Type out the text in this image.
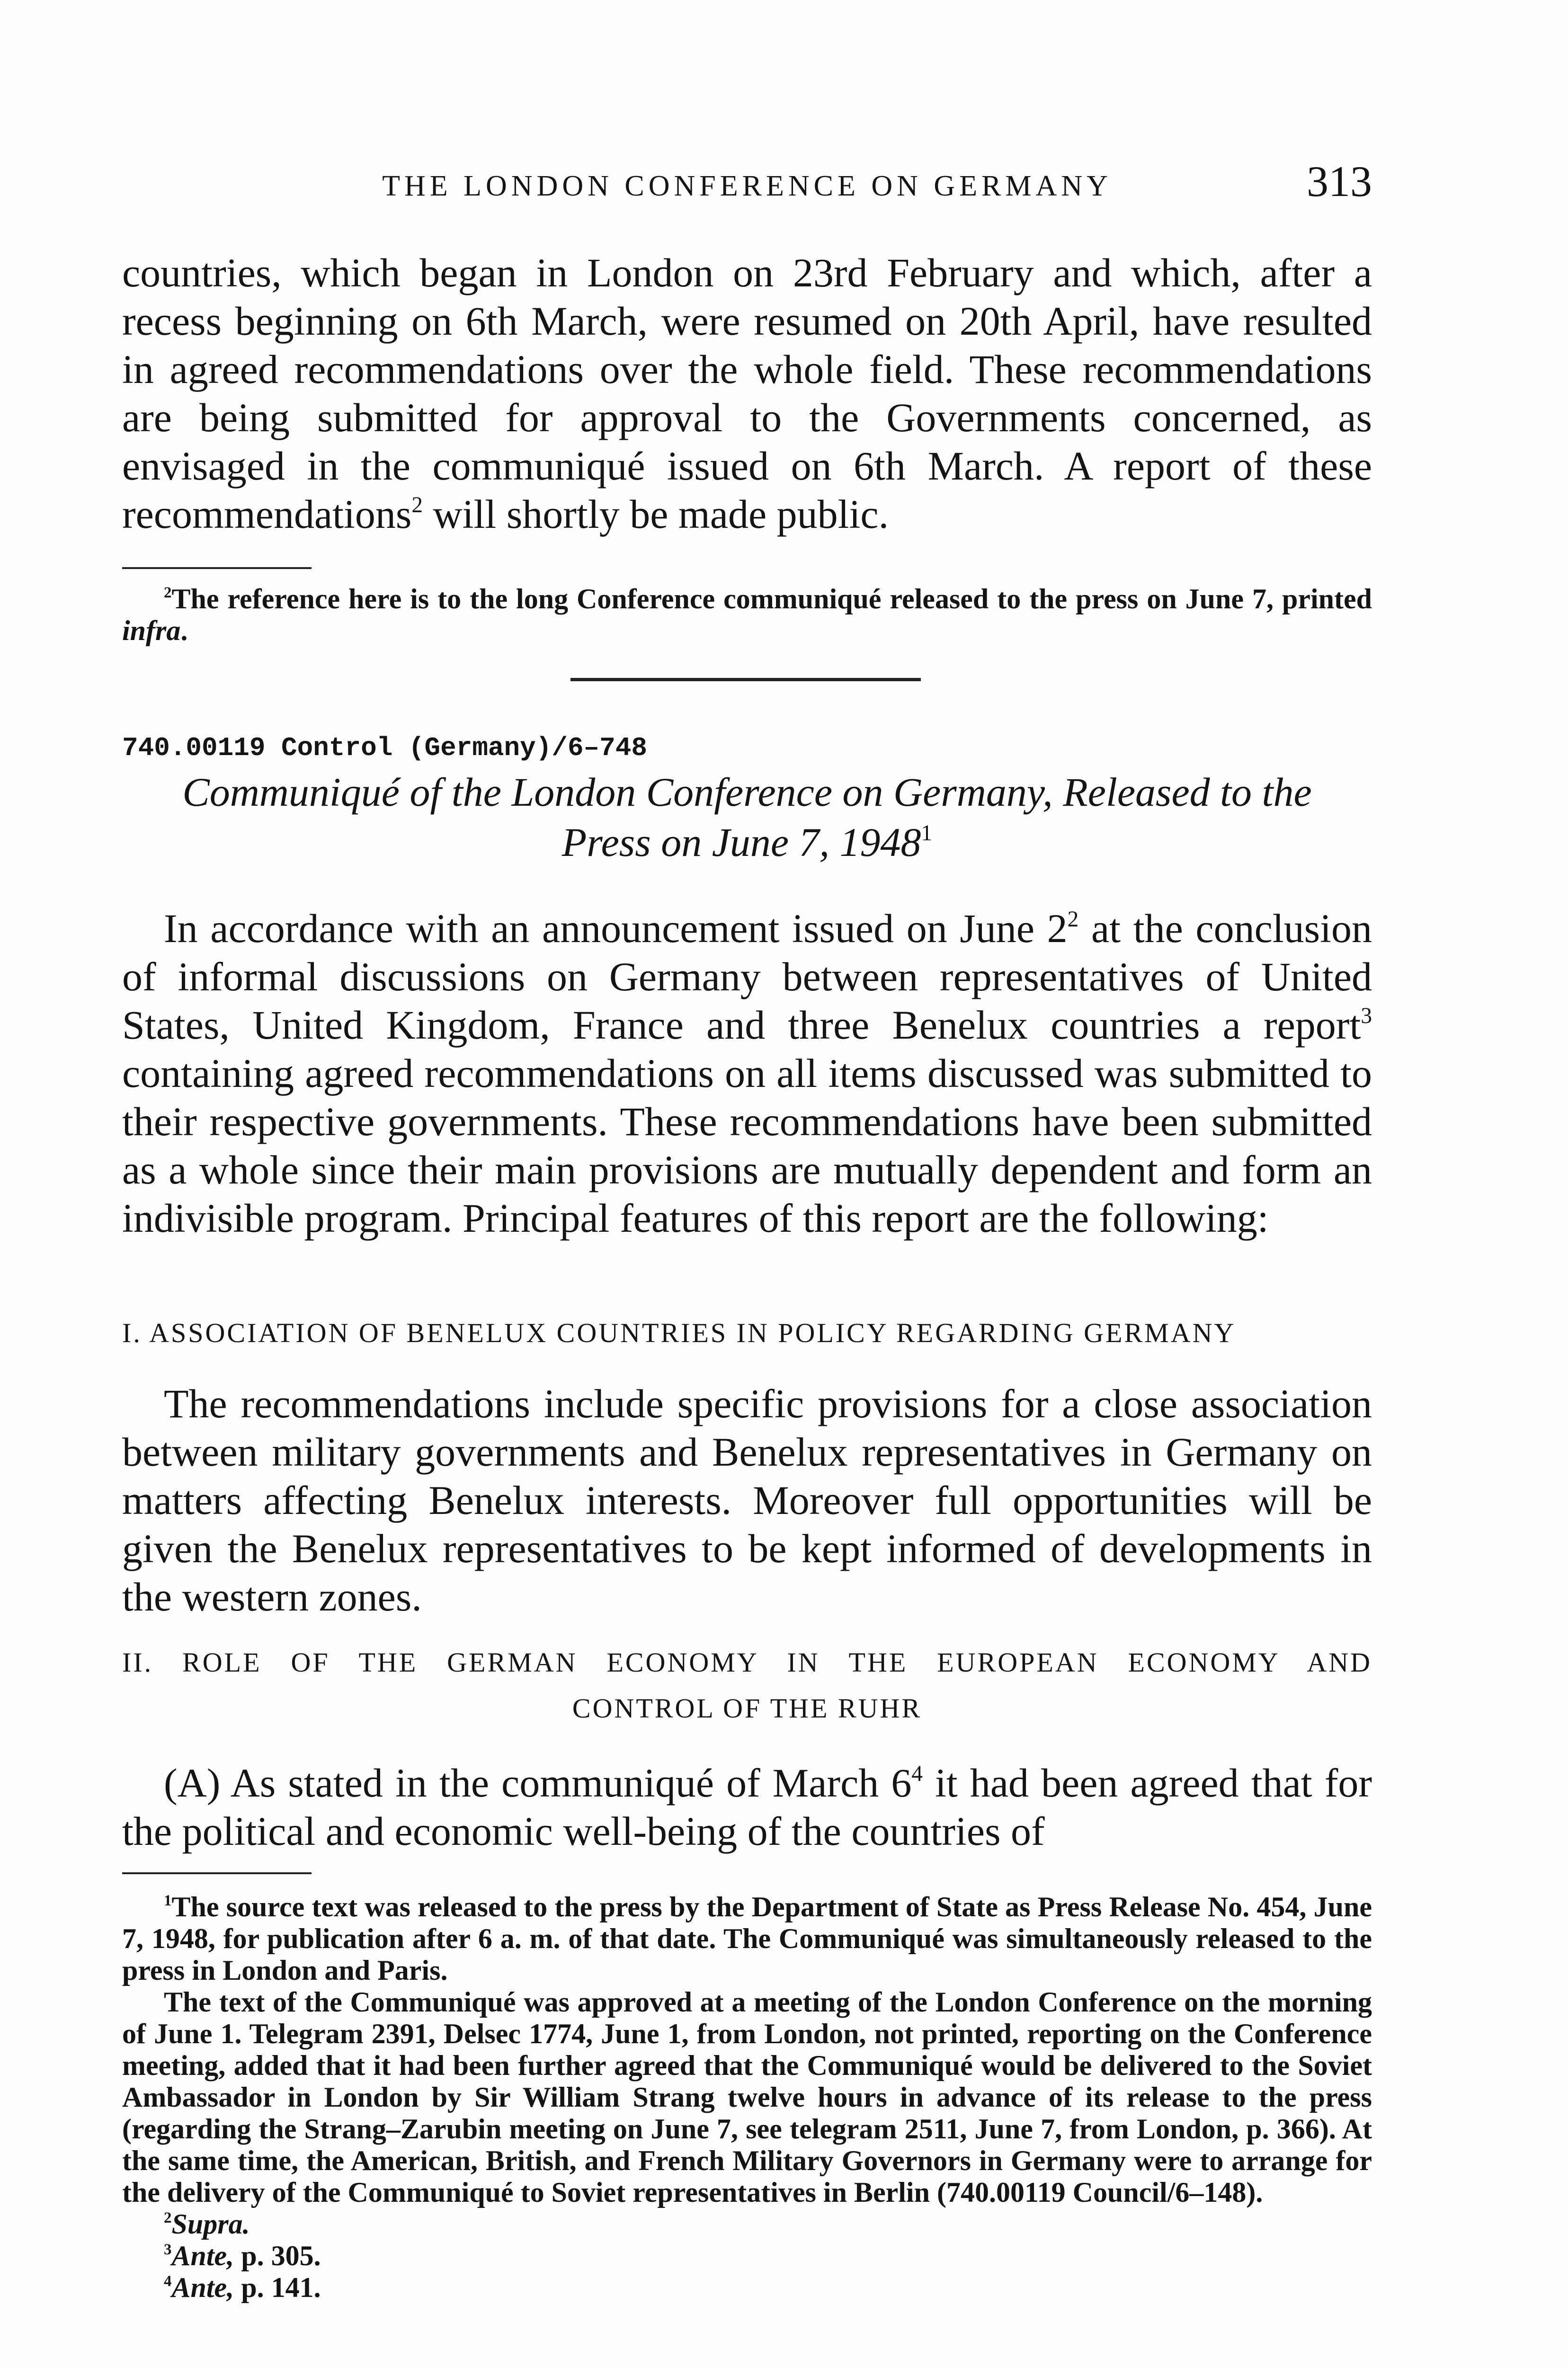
THE LONDON CONFERENCE ON GERMANY	313

countries, which began in London on 23rd February and which, after a recess beginning on 6th March, were resumed on 20th April, have resulted in agreed recommendations over the whole field. These recommendations are being submitted for approval to the Governments concerned, as envisaged in the communiqué issued on 6th March. A report of these recommendations$^2$ will shortly be made public.

$^2$The reference here is to the long Conference communiqué released to the press on June 7, printed infra.

740.00119 Control (Germany)/6–748
Communiqué of the London Conference on Germany, Released to the
Press on June 7, 1948$^1$

In accordance with an announcement issued on June $2^2$ at the conclusion of informal discussions on Germany between representatives of United States, United Kingdom, France and three Benelux countries a report$^3$ containing agreed recommendations on all items discussed was submitted to their respective governments. These recommendations have been submitted as a whole since their main provisions are mutually dependent and form an indivisible program. Principal features of this report are the following:

I. ASSOCIATION OF BENELUX COUNTRIES IN POLICY REGARDING GERMANY

The recommendations include specific provisions for a close association between military governments and Benelux representatives in Germany on matters affecting Benelux interests. Moreover full opportunities will be given the Benelux representatives to be kept informed of developments in the western zones.

II. ROLE OF THE GERMAN ECONOMY IN THE EUROPEAN ECONOMY AND

CONTROL OF THE RUHR

(A) As stated in the communiqué of March $6^4$ it had been agreed that for the political and economic well-being of the countries of

$^1$The source text was released to the press by the Department of State as Press Release No. 454, June 7, 1948, for publication after 6 a. m. of that date. The Communiqué was simultaneously released to the press in London and Paris.

The text of the Communiqué was approved at a meeting of the London Conference on the morning of June 1. Telegram 2391, Delsec 1774, June 1, from London, not printed, reporting on the Conference meeting, added that it had been further agreed that the Communiqué would be delivered to the Soviet Ambassador in London by Sir William Strang twelve hours in advance of its release to the press (regarding the Strang–Zarubin meeting on June 7, see telegram 2511, June 7, from London, p. 366). At the same time, the American, British, and French Military Governors in Germany were to arrange for the delivery of the Communiqué to Soviet representatives in Berlin (740.00119 Council/6–148).

$^2$Supra.

$^3$Ante, p. 305.

$^4$Ante, p. 141.
